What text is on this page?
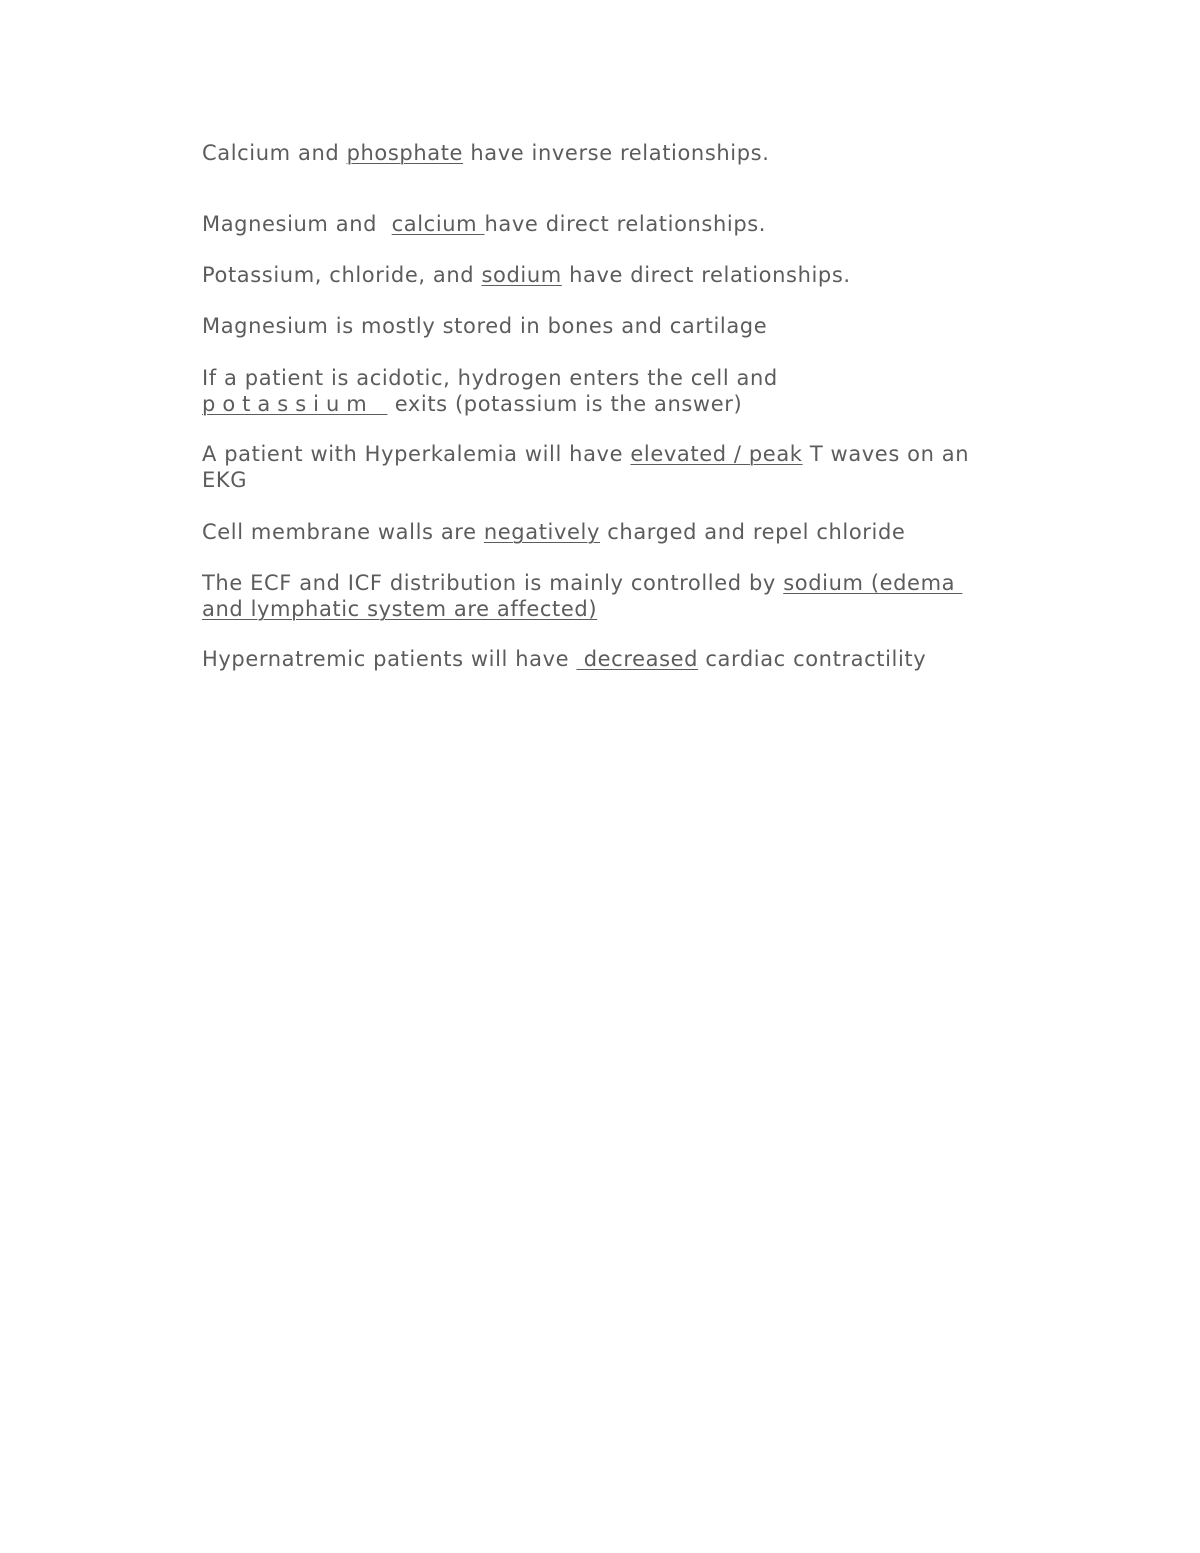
Calcium and phosphate have inverse relationships.
Magnesium and  calcium have direct relationships.
Potassium, chloride, and sodium have direct relationships.
Magnesium is mostly stored in bones and cartilage
If a patient is acidotic, hydrogen enters the cell and
potassium  exits (potassium is the answer)
A patient with Hyperkalemia will have elevated / peak T waves on an
EKG
Cell membrane walls are negatively charged and repel chloride
The ECF and ICF distribution is mainly controlled by sodium (edema
and lymphatic system are affected)
Hypernatremic patients will have  decreased cardiac contractility
